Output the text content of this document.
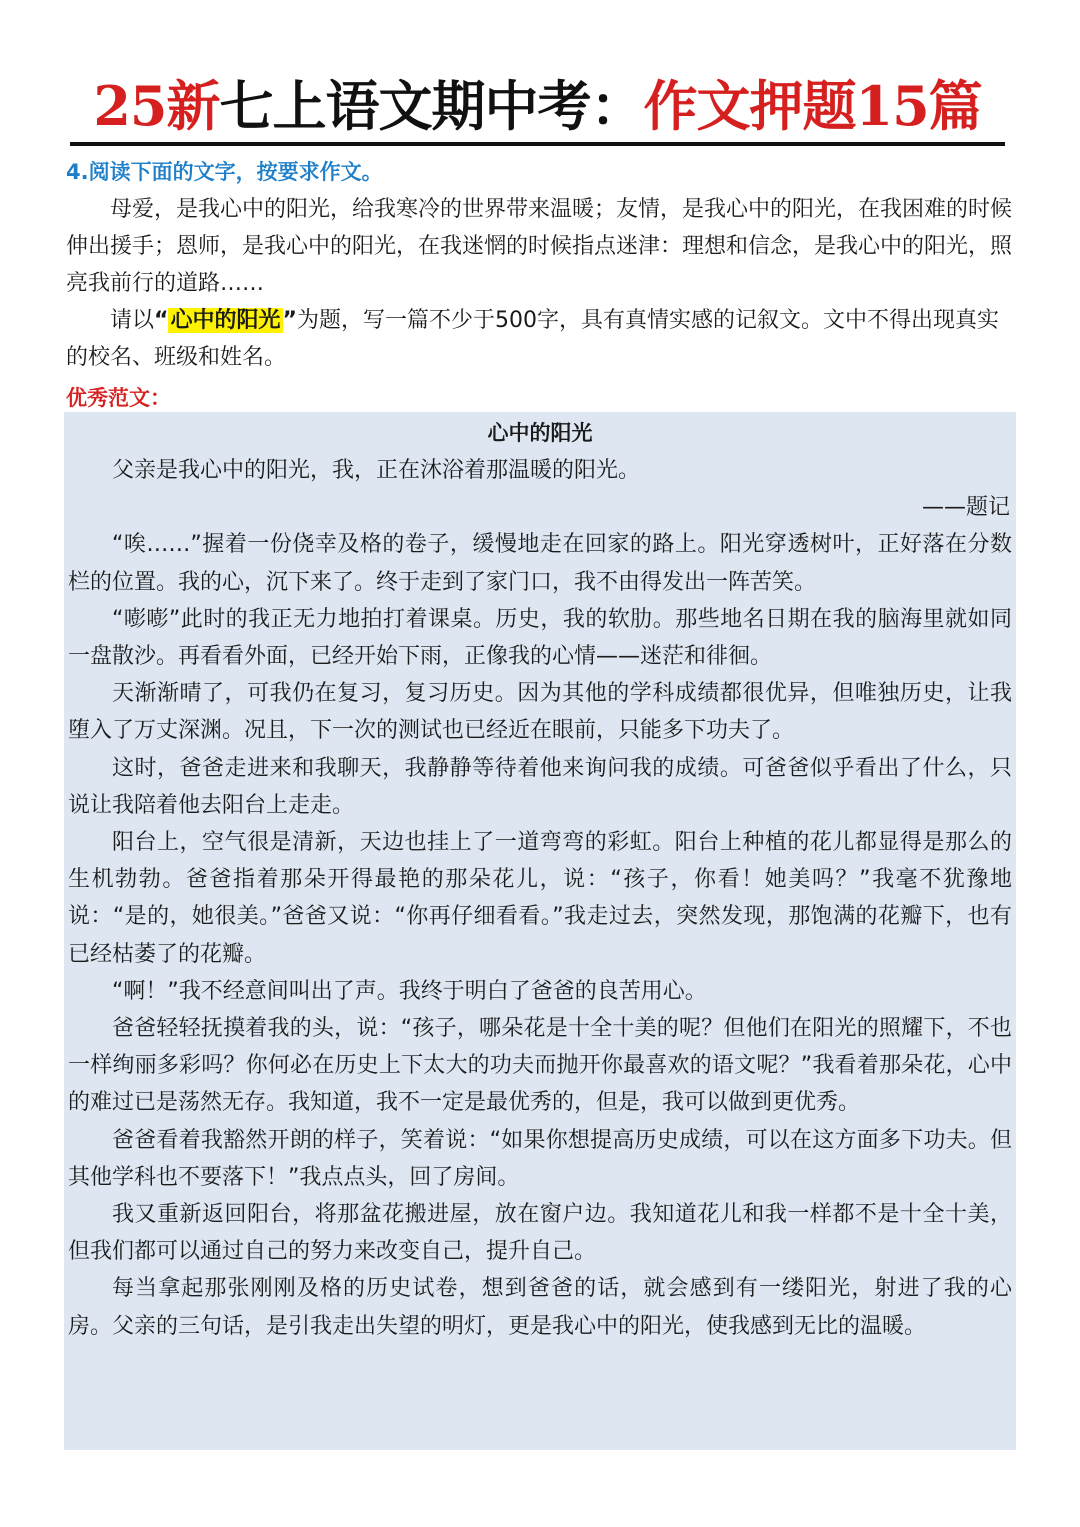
25新七上语文期中考：作文押题15篇
4.阅读下面的文字，按要求作文。

母爱，是我心中的阳光，给我寒冷的世界带来温暖；友情，是我心中的阳光，在我困难的时候伸出援手；恩师，是我心中的阳光，在我迷惘的时候指点迷津：理想和信念，是我心中的阳光，照亮我前行的道路……

请以“心中的阳光”为题，写一篇不少于500字，具有真情实感的记叙文。文中不得出现真实的校名、班级和姓名。

优秀范文：
心中的阳光

父亲是我心中的阳光，我，正在沐浴着那温暖的阳光。

——题记

“唉……”握着一份侥幸及格的卷子，缓慢地走在回家的路上。阳光穿透树叶，正好落在分数栏的位置。我的心，沉下来了。终于走到了家门口，我不由得发出一阵苦笑。

“嘭嘭”此时的我正无力地拍打着课桌。历史，我的软肋。那些地名日期在我的脑海里就如同一盘散沙。再看看外面，已经开始下雨，正像我的心情——迷茫和徘徊。

天渐渐晴了，可我仍在复习，复习历史。因为其他的学科成绩都很优异，但唯独历史，让我堕入了万丈深渊。况且，下一次的测试也已经近在眼前，只能多下功夫了。

这时，爸爸走进来和我聊天，我静静等待着他来询问我的成绩。可爸爸似乎看出了什么，只说让我陪着他去阳台上走走。

阳台上，空气很是清新，天边也挂上了一道弯弯的彩虹。阳台上种植的花儿都显得是那么的生机勃勃。爸爸指着那朵开得最艳的那朵花儿，说：“孩子，你看！她美吗？”我毫不犹豫地说：“是的，她很美。”爸爸又说：“你再仔细看看。”我走过去，突然发现，那饱满的花瓣下，也有已经枯萎了的花瓣。

“啊！”我不经意间叫出了声。我终于明白了爸爸的良苦用心。

爸爸轻轻抚摸着我的头，说：“孩子，哪朵花是十全十美的呢？但他们在阳光的照耀下，不也一样绚丽多彩吗？你何必在历史上下太大的功夫而抛开你最喜欢的语文呢？”我看着那朵花，心中的难过已是荡然无存。我知道，我不一定是最优秀的，但是，我可以做到更优秀。

爸爸看着我豁然开朗的样子，笑着说：“如果你想提高历史成绩，可以在这方面多下功夫。但其他学科也不要落下！”我点点头，回了房间。

我又重新返回阳台，将那盆花搬进屋，放在窗户边。我知道花儿和我一样都不是十全十美，但我们都可以通过自己的努力来改变自己，提升自己。

每当拿起那张刚刚及格的历史试卷，想到爸爸的话，就会感到有一缕阳光，射进了我的心房。父亲的三句话，是引我走出失望的明灯，更是我心中的阳光，使我感到无比的温暖。
